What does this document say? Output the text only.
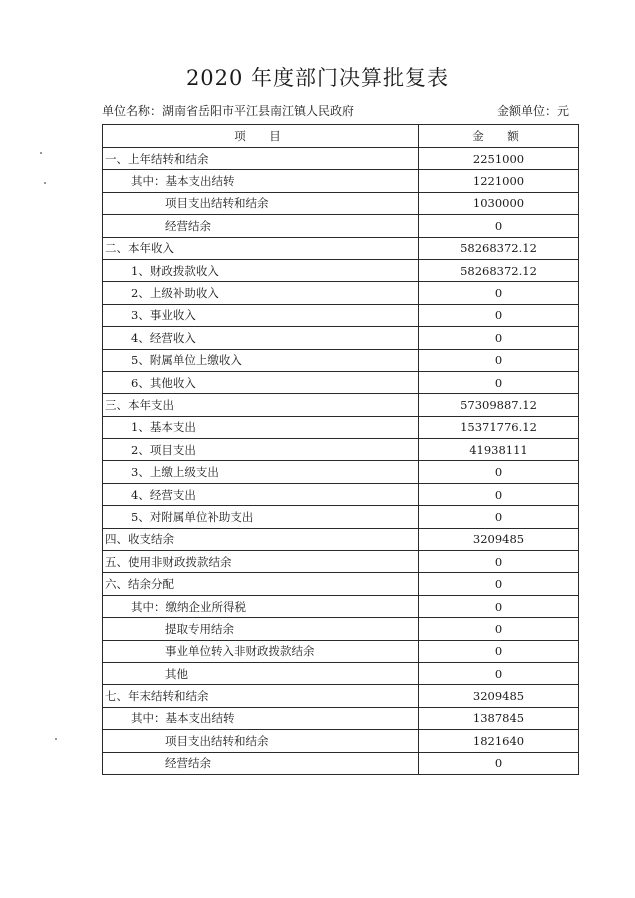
2020 年度部门决算批复表
单位名称：湖南省岳阳市平江县南江镇人民政府	金额单位：元
项　目	金　额
一、上年结转和结余	2251000
其中：基本支出结转	1221000
项目支出结转和结余	1030000
经营结余	0
二、本年收入	58268372.12
1、财政拨款收入	58268372.12
2、上级补助收入	0
3、事业收入	0
4、经营收入	0
5、附属单位上缴收入	0
6、其他收入	0
三、本年支出	57309887.12
1、基本支出	15371776.12
2、项目支出	41938111
3、上缴上级支出	0
4、经营支出	0
5、对附属单位补助支出	0
四、收支结余	3209485
五、使用非财政拨款结余	0
六、结余分配	0
其中：缴纳企业所得税	0
提取专用结余	0
事业单位转入非财政拨款结余	0
其他	0
七、年末结转和结余	3209485
其中：基本支出结转	1387845
项目支出结转和结余	1821640
经营结余	0
